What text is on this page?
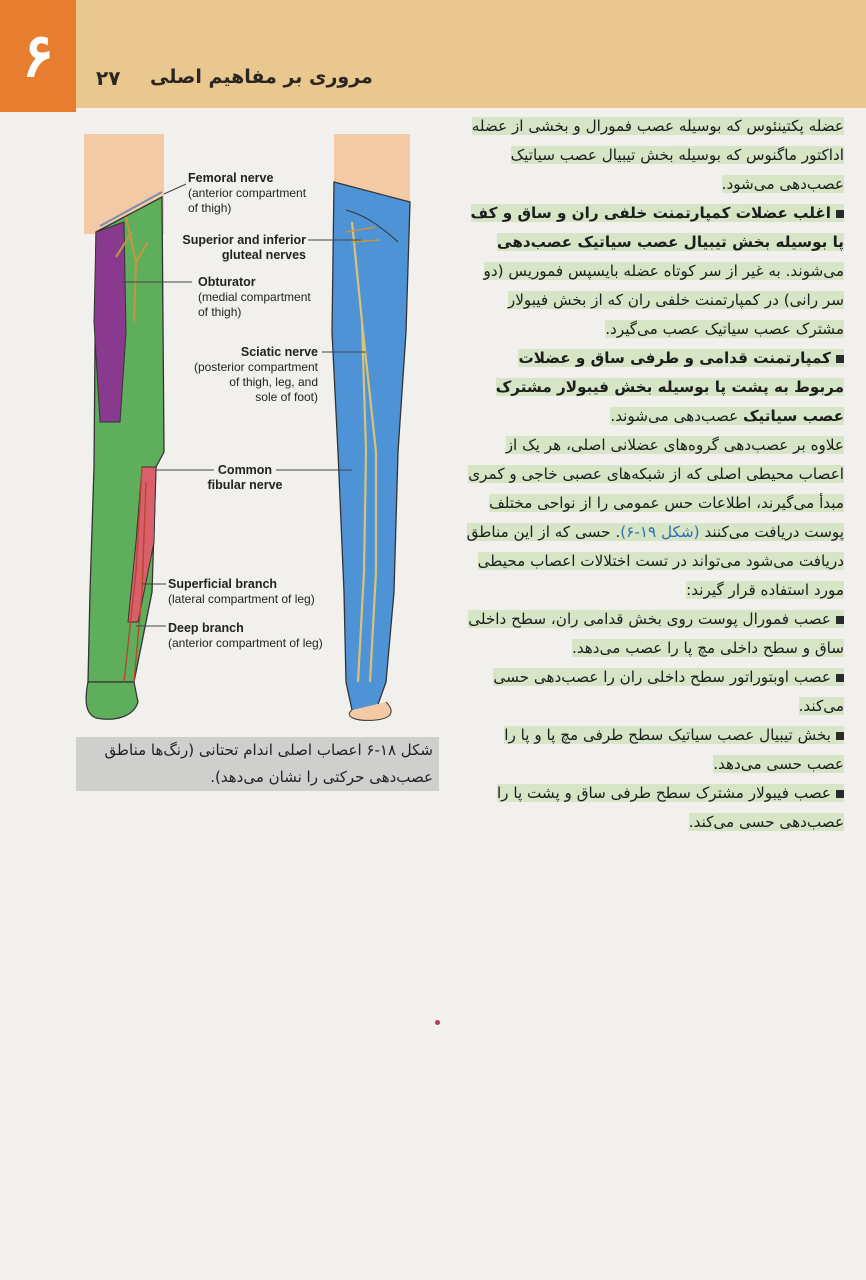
۶	۲۷ مروری بر مفاهیم اصلی
Femoral nerve
(anterior compartment
of thigh)
Superior and inferior
gluteal nerves
Obturator
(medial compartment
of thigh)
Sciatic nerve
(posterior compartment
of thigh, leg, and
sole of foot)
Common
fibular nerve
Superficial branch
(lateral compartment of leg)
Deep branch
(anterior compartment of leg)
شکل ۱۸-۶ اعصاب اصلی اندام تحتانی (رنگ‌ها مناطق
عصب‌دهی حرکتی را نشان می‌دهد).

عضله پکتینئوس که بوسیله عصب فمورال و بخشی از عضله اداکتور ماگنوس که بوسیله بخش تیبیال عصب سیاتیک عصب‌دهی می‌شود.

اغلب عضلات کمپارتمنت خلفی ران و ساق و کف پا بوسیله بخش تیبیال عصب سیاتیک عصب‌دهی می‌شوند. به غیر از سر کوتاه عضله بایسپس فموریس (دو سر رانی) در کمپارتمنت خلفی ران که از بخش فیبولار مشترک عصب سیاتیک عصب می‌گیرد.

کمپارتمنت قدامی و طرفی ساق و عضلات مربوط به پشت پا بوسیله بخش فیبولار مشترک عصب سیاتیک عصب‌دهی می‌شوند.

علاوه بر عصب‌دهی گروه‌های عضلانی اصلی، هر یک از اعصاب محیطی اصلی که از شبکه‌های عصبی خاجی و کمری مبدأ می‌گیرند، اطلاعات حس عمومی را از نواحی مختلف پوست دریافت می‌کنند (شکل ۱۹-۶). حسی که از این مناطق دریافت می‌شود می‌تواند در تست اختلالات اعصاب محیطی مورد استفاده قرار گیرند:

عصب فمورال پوست روی بخش قدامی ران، سطح داخلی ساق و سطح داخلی مچ پا را عصب می‌دهد.

عصب اوبتوراتور سطح داخلی ران را عصب‌دهی حسی می‌کند.

بخش تیبیال عصب سیاتیک سطح طرفی مچ پا و پا را عصب حسی می‌دهد.

عصب فیبولار مشترک سطح طرفی ساق و پشت پا را عصب‌دهی حسی می‌کند.
